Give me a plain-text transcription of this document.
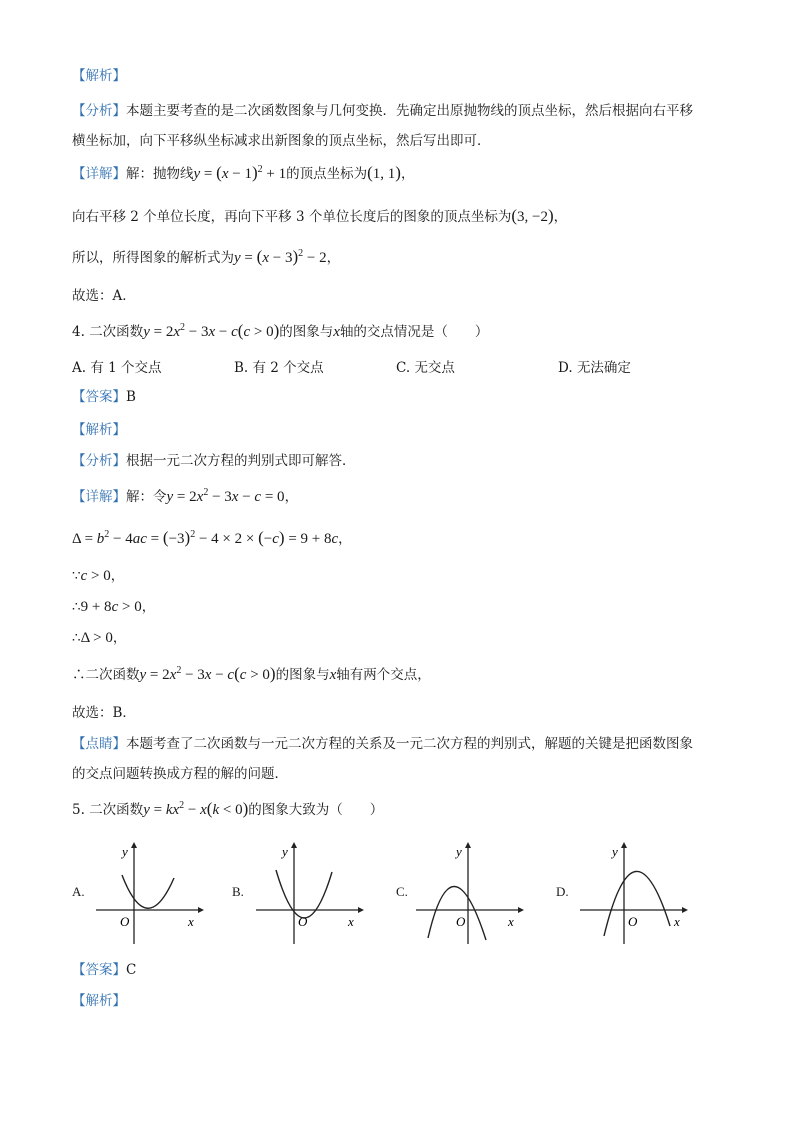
【解析】
【分析】本题主要考查的是二次函数图象与几何变换．先确定出原抛物线的顶点坐标，然后根据向右平移
横坐标加，向下平移纵坐标减求出新图象的顶点坐标，然后写出即可．
【详解】解：抛物线$y = (x - 1)^2 + 1$的顶点坐标为(1, 1)，
向右平移 2 个单位长度，再向下平移 3 个单位长度后的图象的顶点坐标为(3, −2)，
所以，所得图象的解析式为$y = (x - 3)^2 - 2$，
故选：A．
4. 二次函数$y = 2x^2 - 3x - c(c > 0)$的图象与x轴的交点情况是（　　）
A. 有 1 个交点	B. 有 2 个交点	C. 无交点	D. 无法确定
【答案】B
【解析】
【分析】根据一元二次方程的判别式即可解答．
【详解】解：令$y = 2x^2 - 3x - c = 0$，
$\Delta = b^2 - 4ac = (-3)^2 - 4 \times 2 \times (-c) = 9 + 8c$，
∵c > 0，
∴9 + 8c > 0，
∴Δ > 0，
∴二次函数$y = 2x^2 - 3x - c(c > 0)$的图象与x轴有两个交点，
故选：B．
【点睛】本题考查了二次函数与一元二次方程的关系及一元二次方程的判别式，解题的关键是把函数图象
的交点问题转换成方程的解的问题．
5. 二次函数$y = kx^2 - x(k < 0)$的图象大致为（　　）
A.	B.	C.	D.
y
x
O
y
x
O
y
x
O
y
x
O
【答案】C
【解析】
